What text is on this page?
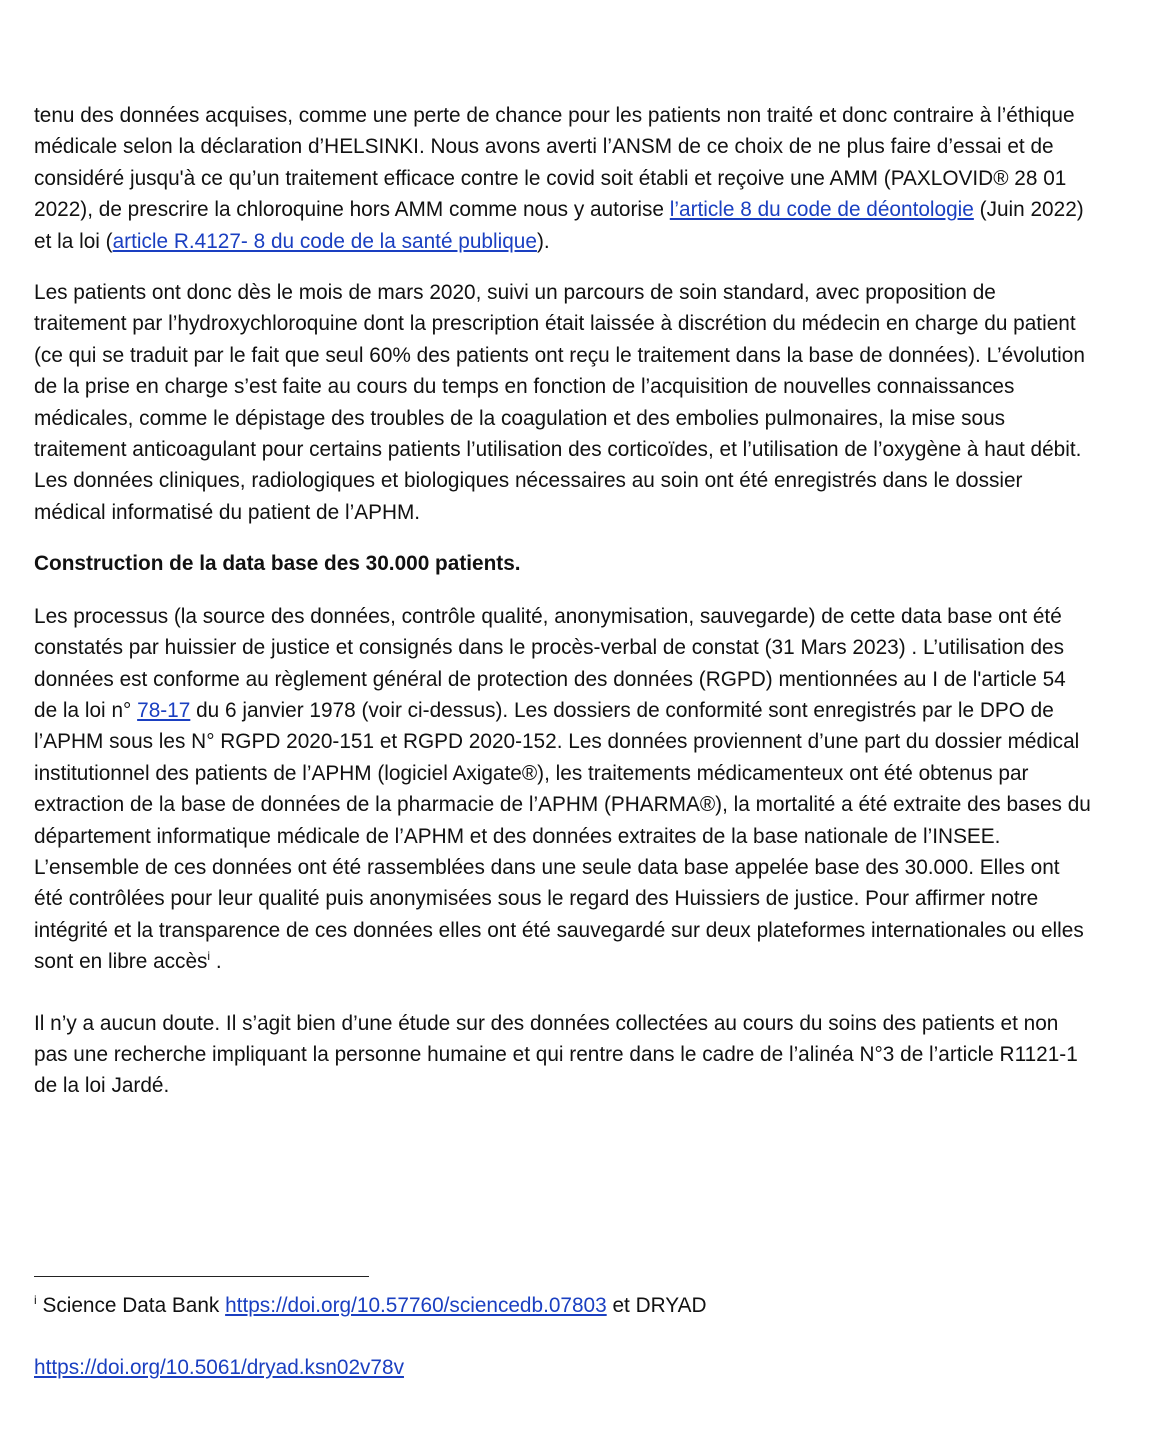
tenu des données acquises, comme une perte de chance pour les patients non traité et donc contraire à l’éthique médicale selon la déclaration d’HELSINKI. Nous avons averti l’ANSM de ce choix de ne plus faire d’essai et de considéré jusqu'à ce qu’un traitement efficace contre le covid soit établi et reçoive une AMM (PAXLOVID® 28 01 2022), de prescrire la chloroquine hors AMM comme nous y autorise l’article 8 du code de déontologie (Juin 2022) et la loi (article R.4127- 8 du code de la santé publique).

Les patients ont donc dès le mois de mars 2020, suivi un parcours de soin standard, avec proposition de traitement par l’hydroxychloroquine dont la prescription était laissée à discrétion du médecin en charge du patient (ce qui se traduit par le fait que seul 60% des patients ont reçu le traitement dans la base de données). L’évolution de la prise en charge s’est faite au cours du temps en fonction de l’acquisition de nouvelles connaissances médicales, comme le dépistage des troubles de la coagulation et des embolies pulmonaires, la mise sous traitement anticoagulant pour certains patients l’utilisation des corticoïdes, et l’utilisation de l’oxygène à haut débit. Les données cliniques, radiologiques et biologiques nécessaires au soin ont été enregistrés dans le dossier médical informatisé du patient de l’APHM.

Construction de la data base des 30.000 patients.

Les processus (la source des données, contrôle qualité, anonymisation, sauvegarde) de cette data base ont été constatés par huissier de justice et consignés dans le procès-verbal de constat (31 Mars 2023) . L’utilisation des données est conforme au règlement général de protection des données (RGPD) mentionnées au I de l'article 54 de la loi n° 78-17 du 6 janvier 1978 (voir ci-dessus). Les dossiers de conformité sont enregistrés par le DPO de l’APHM sous les N° RGPD 2020-151 et RGPD 2020-152. Les données proviennent d’une part du dossier médical institutionnel des patients de l’APHM (logiciel Axigate®), les traitements médicamenteux ont été obtenus par extraction de la base de données de la pharmacie de l’APHM (PHARMA®), la mortalité a été extraite des bases du département informatique médicale de l’APHM et des données extraites de la base nationale de l’INSEE. L’ensemble de ces données ont été rassemblées dans une seule data base appelée base des 30.000. Elles ont été contrôlées pour leur qualité puis anonymisées sous le regard des Huissiers de justice. Pour affirmer notre intégrité et la transparence de ces données elles ont été sauvegardé sur deux plateformes internationales ou elles sont en libre accès$^i$ .

Il n’y a aucun doute. Il s’agit bien d’une étude sur des données collectées au cours du soins des patients et non pas une recherche impliquant la personne humaine et qui rentre dans le cadre de l’alinéa N°3 de l’article R1121-1 de la loi Jardé.

$^i$ Science Data Bank https://doi.org/10.57760/sciencedb.07803 et DRYAD
https://doi.org/10.5061/dryad.ksn02v78v
